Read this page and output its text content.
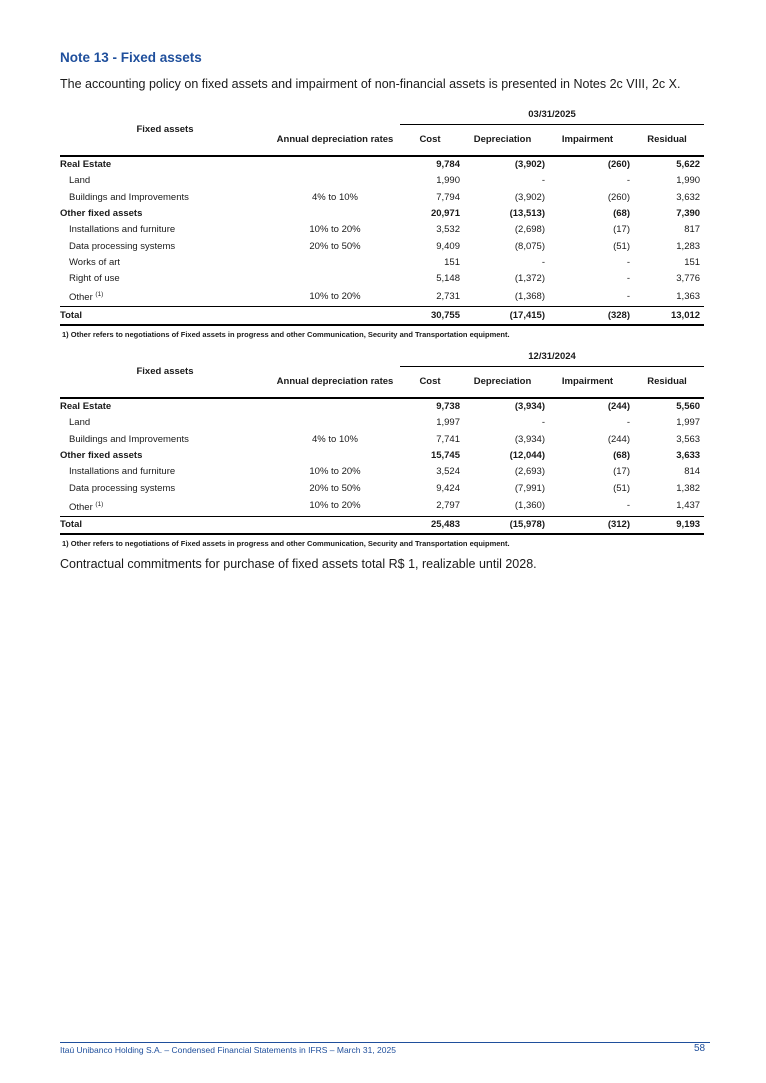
Note 13 - Fixed assets

The accounting policy on fixed assets and impairment of non-financial assets is presented in Notes 2c VIII, 2c X.

Fixed assets		03/31/2025			
	Annual depreciation rates	Cost	Depreciation	Impairment	Residual
Real Estate		9,784	(3,902)	(260)	5,622
Land		1,990	-	-	1,990
Buildings and Improvements	4% to 10%	7,794	(3,902)	(260)	3,632
Other fixed assets		20,971	(13,513)	(68)	7,390
Installations and furniture	10% to 20%	3,532	(2,698)	(17)	817
Data processing systems	20% to 50%	9,409	(8,075)	(51)	1,283
Works of art		151	-	-	151
Right of use		5,148	(1,372)	-	3,776
Other $^{(1)}$	10% to 20%	2,731	(1,368)	-	1,363
Total		30,755	(17,415)	(328)	13,012
1) Other refers to negotiations of Fixed assets in progress and other Communication, Security and Transportation equipment.
Fixed assets		12/31/2024			
	Annual depreciation rates	Cost	Depreciation	Impairment	Residual
Real Estate		9,738	(3,934)	(244)	5,560
Land		1,997	-	-	1,997
Buildings and Improvements	4% to 10%	7,741	(3,934)	(244)	3,563
Other fixed assets		15,745	(12,044)	(68)	3,633
Installations and furniture	10% to 20%	3,524	(2,693)	(17)	814
Data processing systems	20% to 50%	9,424	(7,991)	(51)	1,382
Other $^{(1)}$	10% to 20%	2,797	(1,360)	-	1,437
Total		25,483	(15,978)	(312)	9,193
1) Other refers to negotiations of Fixed assets in progress and other Communication, Security and Transportation equipment.

Contractual commitments for purchase of fixed assets total R$ 1, realizable until 2028.

Itaú Unibanco Holding S.A. – Condensed Financial Statements in IFRS – March 31, 2025	58
